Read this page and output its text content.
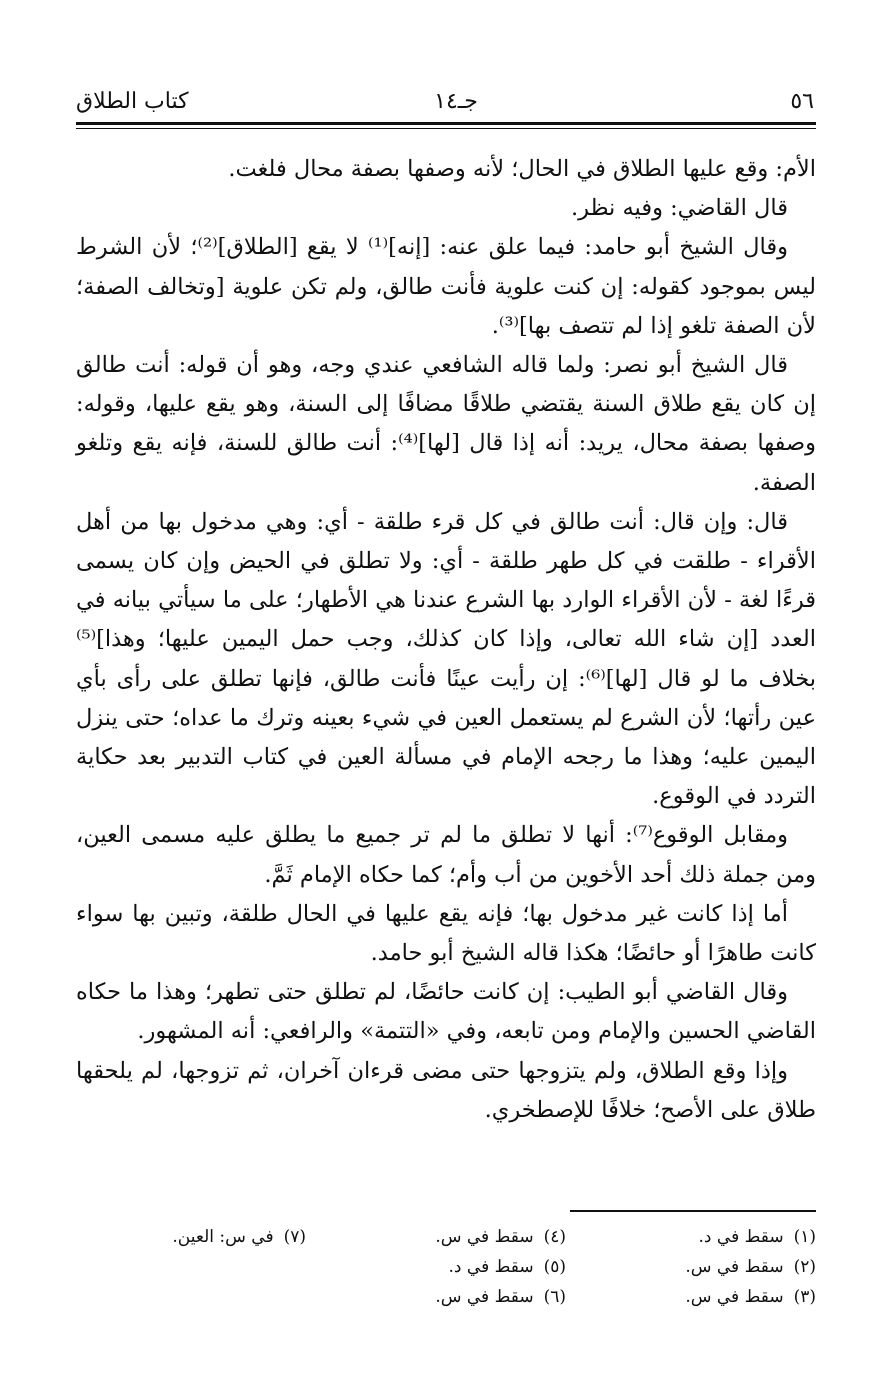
٥٦
جـ١٤
كتاب الطلاق

الأم: وقع عليها الطلاق في الحال؛ لأنه وصفها بصفة محال فلغت.

قال القاضي: وفيه نظر.

وقال الشيخ أبو حامد: فيما علق عنه: [إنه]⁽¹⁾ لا يقع [الطلاق]⁽²⁾؛ لأن الشرط ليس بموجود كقوله: إن كنت علوية فأنت طالق، ولم تكن علوية [وتخالف الصفة؛ لأن الصفة تلغو إذا لم تتصف بها]⁽³⁾.

قال الشيخ أبو نصر: ولما قاله الشافعي عندي وجه، وهو أن قوله: أنت طالق إن كان يقع طلاق السنة يقتضي طلاقًا مضافًا إلى السنة، وهو يقع عليها، وقوله: وصفها بصفة محال، يريد: أنه إذا قال [لها]⁽⁴⁾: أنت طالق للسنة، فإنه يقع وتلغو الصفة.

قال: وإن قال: أنت طالق في كل قرء طلقة - أي: وهي مدخول بها من أهل الأقراء - طلقت في كل طهر طلقة - أي: ولا تطلق في الحيض وإن كان يسمى قرءًا لغة - لأن الأقراء الوارد بها الشرع عندنا هي الأطهار؛ على ما سيأتي بيانه في العدد [إن شاء الله تعالى، وإذا كان كذلك، وجب حمل اليمين عليها؛ وهذا]⁽⁵⁾ بخلاف ما لو قال [لها]⁽⁶⁾: إن رأيت عينًا فأنت طالق، فإنها تطلق على رأى بأي عين رأتها؛ لأن الشرع لم يستعمل العين في شيء بعينه وترك ما عداه؛ حتى ينزل اليمين عليه؛ وهذا ما رجحه الإمام في مسألة العين في كتاب التدبير بعد حكاية التردد في الوقوع.

ومقابل الوقوع⁽⁷⁾: أنها لا تطلق ما لم تر جميع ما يطلق عليه مسمى العين، ومن جملة ذلك أحد الأخوين من أب وأم؛ كما حكاه الإمام ثَمَّ.

أما إذا كانت غير مدخول بها؛ فإنه يقع عليها في الحال طلقة، وتبين بها سواء كانت طاهرًا أو حائضًا؛ هكذا قاله الشيخ أبو حامد.

وقال القاضي أبو الطيب: إن كانت حائضًا، لم تطلق حتى تطهر؛ وهذا ما حكاه القاضي الحسين والإمام ومن تابعه، وفي «التتمة» والرافعي: أنه المشهور.

وإذا وقع الطلاق، ولم يتزوجها حتى مضى قرءان آخران، ثم تزوجها، لم يلحقها طلاق على الأصح؛ خلافًا للإصطخري.

(١)سقط في د.
(٢)سقط في س.
(٣)سقط في س.
(٤)سقط في س.
(٥)سقط في د.
(٦)سقط في س.
(٧)في س: العين.
